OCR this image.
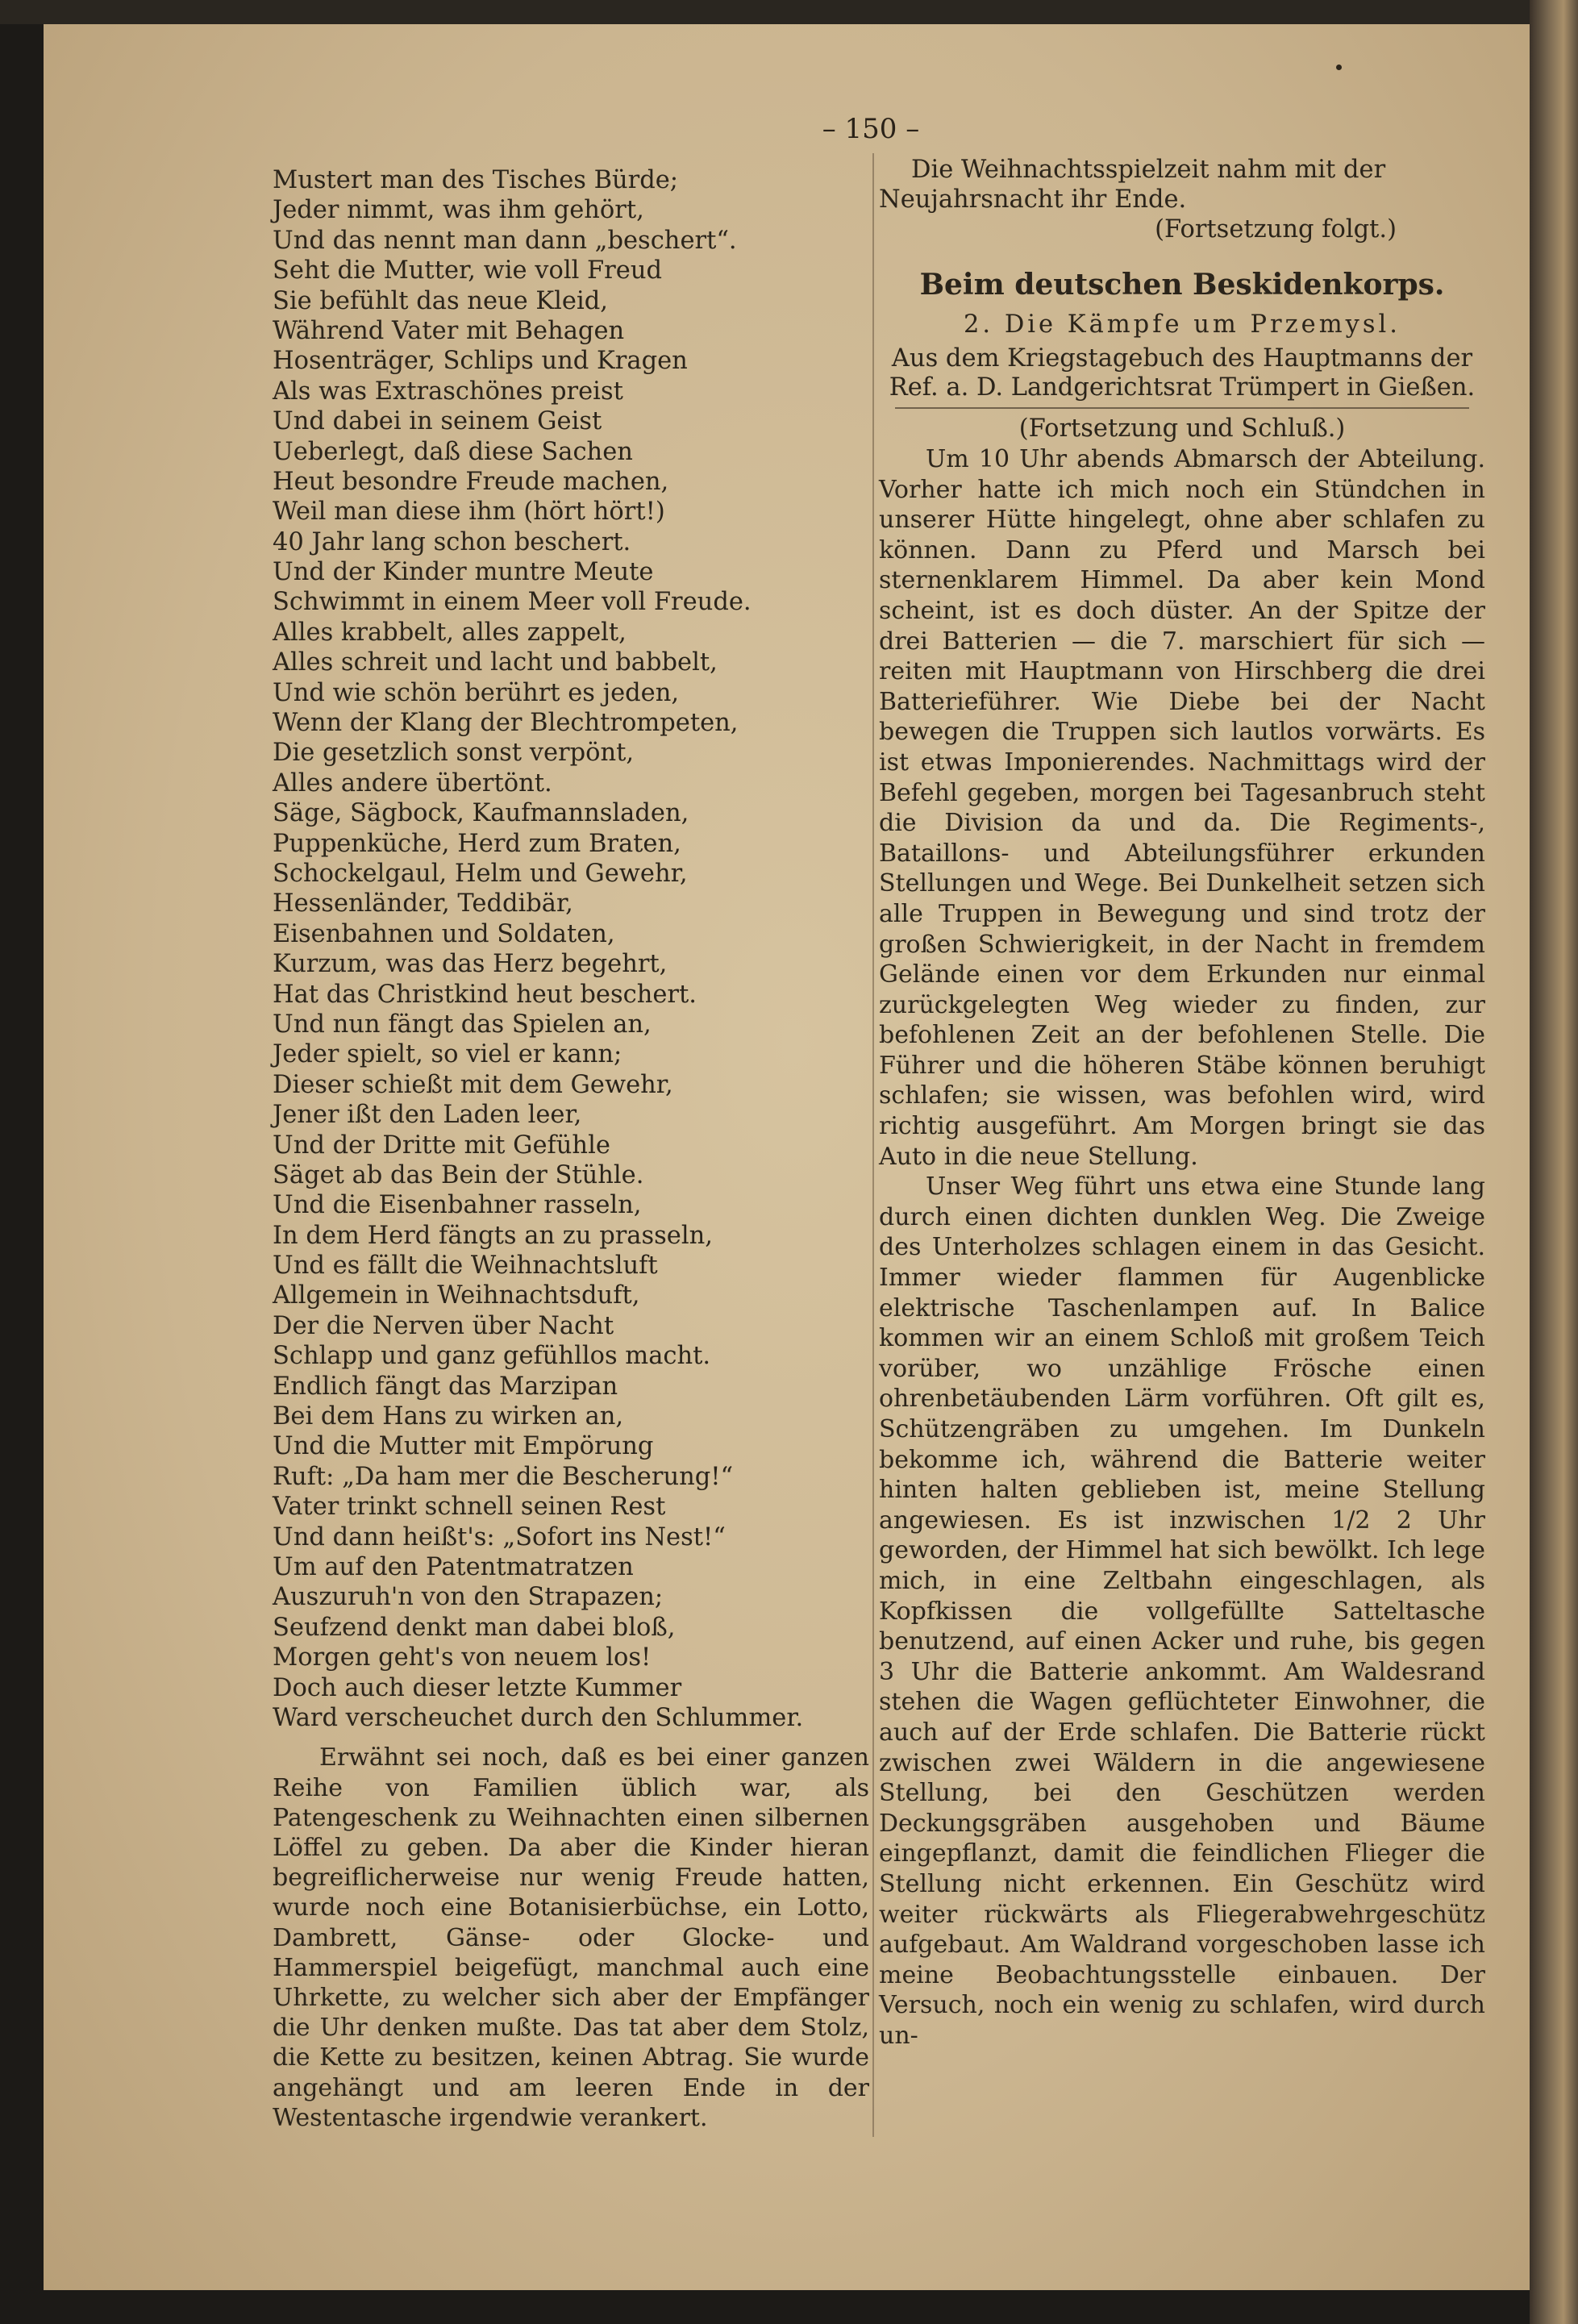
– 150 –
Mustert man des Tisches Bürde;
Jeder nimmt, was ihm gehört,
Und das nennt man dann „beschert“.
Seht die Mutter, wie voll Freud
Sie befühlt das neue Kleid,
Während Vater mit Behagen
Hosenträger, Schlips und Kragen
Als was Extraschönes preist
Und dabei in seinem Geist
Ueberlegt, daß diese Sachen
Heut besondre Freude machen,
Weil man diese ihm (hört hört!)
40 Jahr lang schon beschert.
Und der Kinder muntre Meute
Schwimmt in einem Meer voll Freude.
Alles krabbelt, alles zappelt,
Alles schreit und lacht und babbelt,
Und wie schön berührt es jeden,
Wenn der Klang der Blechtrompeten,
Die gesetzlich sonst verpönt,
Alles andere übertönt.
Säge, Sägbock, Kaufmannsladen,
Puppenküche, Herd zum Braten,
Schockelgaul, Helm und Gewehr,
Hessenländer, Teddibär,
Eisenbahnen und Soldaten,
Kurzum, was das Herz begehrt,
Hat das Christkind heut beschert.
Und nun fängt das Spielen an,
Jeder spielt, so viel er kann;
Dieser schießt mit dem Gewehr,
Jener ißt den Laden leer,
Und der Dritte mit Gefühle
Säget ab das Bein der Stühle.
Und die Eisenbahner rasseln,
In dem Herd fängts an zu prasseln,
Und es fällt die Weihnachtsluft
Allgemein in Weihnachtsduft,
Der die Nerven über Nacht
Schlapp und ganz gefühllos macht.
Endlich fängt das Marzipan
Bei dem Hans zu wirken an,
Und die Mutter mit Empörung
Ruft: „Da ham mer die Bescherung!“
Vater trinkt schnell seinen Rest
Und dann heißt's: „Sofort ins Nest!“
Um auf den Patentmatratzen
Auszuruh'n von den Strapazen;
Seufzend denkt man dabei bloß,
Morgen geht's von neuem los!
Doch auch dieser letzte Kummer
Ward verscheuchet durch den Schlummer.

Erwähnt sei noch, daß es bei einer ganzen Reihe von Familien üblich war, als Patengeschenk zu Weihnachten einen silbernen Löffel zu geben. Da aber die Kinder hieran begreiflicherweise nur wenig Freude hatten, wurde noch eine Botanisierbüchse, ein Lotto, Dambrett, Gänse- oder Glocke- und Hammerspiel beigefügt, manchmal auch eine Uhrkette, zu welcher sich aber der Empfänger die Uhr denken mußte. Das tat aber dem Stolz, die Kette zu besitzen, keinen Abtrag. Sie wurde angehängt und am leeren Ende in der Westentasche irgendwie verankert.

Die Weihnachtsspielzeit nahm mit der
Neujahrsnacht ihr Ende.
(Fortsetzung folgt.)
Beim deutschen Beskidenkorps.
2. Die Kämpfe um Przemysl.

Aus dem Kriegstagebuch des Hauptmanns der Ref. a. D. Landgerichtsrat Trümpert in Gießen.

(Fortsetzung und Schluß.)

Um 10 Uhr abends Abmarsch der Abteilung. Vorher hatte ich mich noch ein Stündchen in unserer Hütte hingelegt, ohne aber schlafen zu können. Dann zu Pferd und Marsch bei sternenklarem Himmel. Da aber kein Mond scheint, ist es doch düster. An der Spitze der drei Batterien — die 7. marschiert für sich — reiten mit Hauptmann von Hirschberg die drei Batterieführer. Wie Diebe bei der Nacht bewegen die Truppen sich lautlos vorwärts. Es ist etwas Imponierendes. Nachmittags wird der Befehl gegeben, morgen bei Tagesanbruch steht die Division da und da. Die Regiments-, Bataillons- und Abteilungsführer erkunden Stellungen und Wege. Bei Dunkelheit setzen sich alle Truppen in Bewegung und sind trotz der großen Schwierigkeit, in der Nacht in fremdem Gelände einen vor dem Erkunden nur einmal zurückgelegten Weg wieder zu finden, zur befohlenen Zeit an der befohlenen Stelle. Die Führer und die höheren Stäbe können beruhigt schlafen; sie wissen, was befohlen wird, wird richtig ausgeführt. Am Morgen bringt sie das Auto in die neue Stellung.

Unser Weg führt uns etwa eine Stunde lang durch einen dichten dunklen Weg. Die Zweige des Unterholzes schlagen einem in das Gesicht. Immer wieder flammen für Augenblicke elektrische Taschenlampen auf. In Balice kommen wir an einem Schloß mit großem Teich vorüber, wo unzählige Frösche einen ohrenbetäubenden Lärm vorführen. Oft gilt es, Schützengräben zu umgehen. Im Dunkeln bekomme ich, während die Batterie weiter hinten halten geblieben ist, meine Stellung angewiesen. Es ist inzwischen 1/2 2 Uhr geworden, der Himmel hat sich bewölkt. Ich lege mich, in eine Zeltbahn eingeschlagen, als Kopfkissen die vollgefüllte Satteltasche benutzend, auf einen Acker und ruhe, bis gegen 3 Uhr die Batterie ankommt. Am Waldesrand stehen die Wagen geflüchteter Einwohner, die auch auf der Erde schlafen. Die Batterie rückt zwischen zwei Wäldern in die angewiesene Stellung, bei den Geschützen werden Deckungsgräben ausgehoben und Bäume eingepflanzt, damit die feindlichen Flieger die Stellung nicht erkennen. Ein Geschütz wird weiter rückwärts als Fliegerabwehrgeschütz aufgebaut. Am Waldrand vorgeschoben lasse ich meine Beobachtungsstelle einbauen. Der Versuch, noch ein wenig zu schlafen, wird durch un-
